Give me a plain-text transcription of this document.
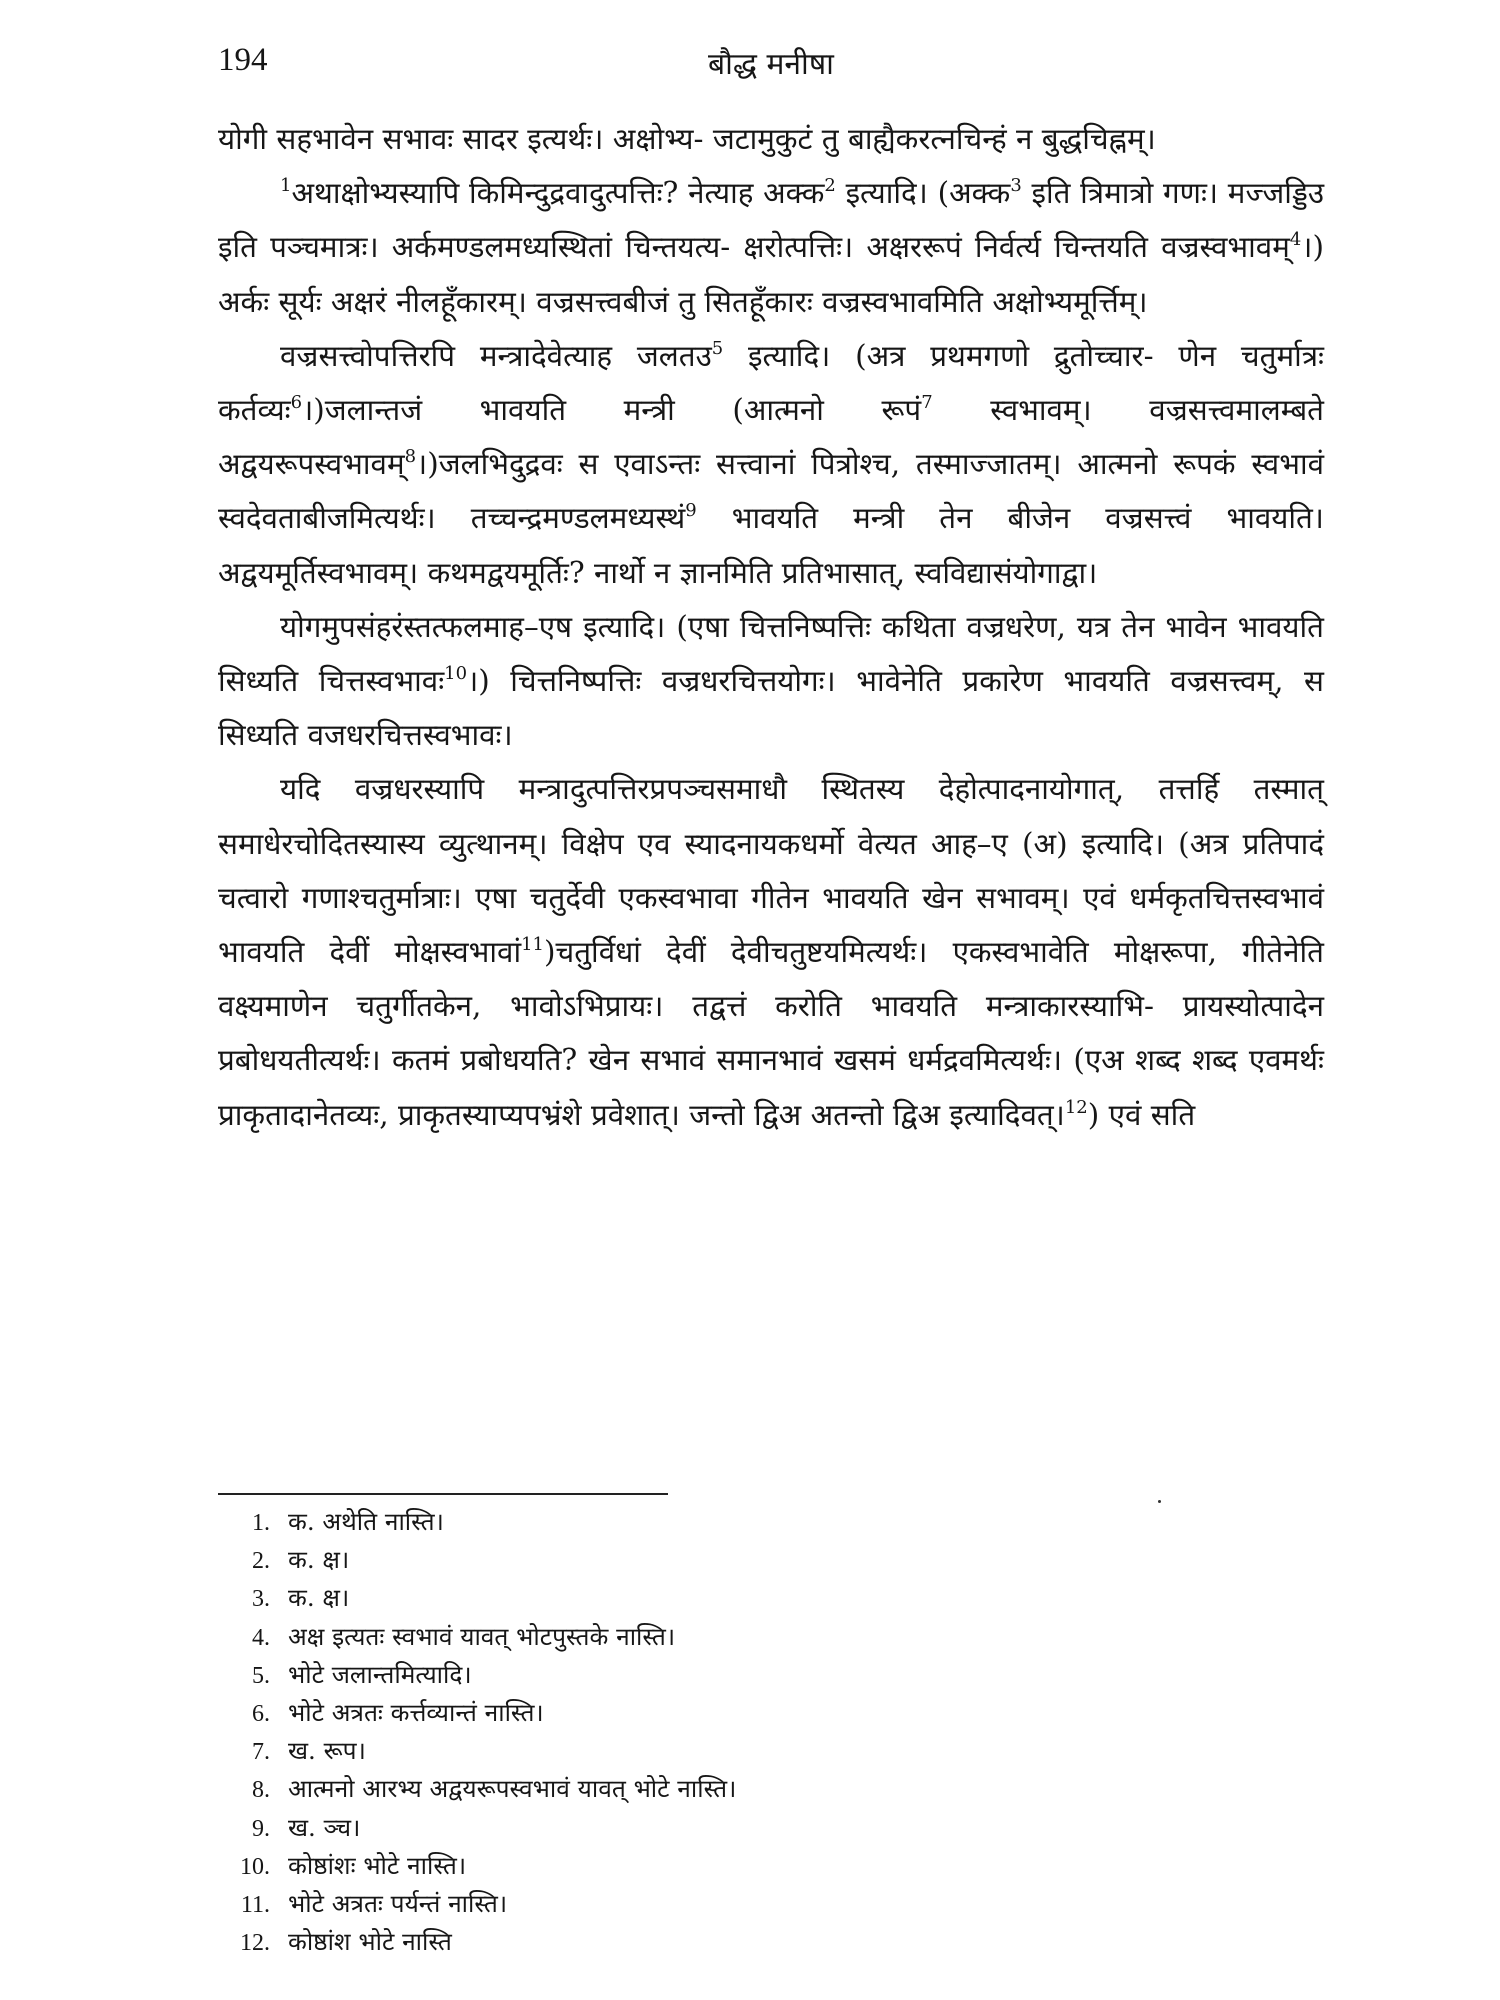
194	बौद्ध मनीषा

योगी सहभावेन सभावः सादर इत्यर्थः। अक्षोभ्य- जटामुकुटं तु बाह्यैकरत्नचिन्हं न बुद्धचिह्नम्।

$^1$अथाक्षोभ्यस्यापि किमिन्दुद्रवादुत्पत्तिः? नेत्याह अक्क$^2$ इत्यादि। (अक्क$^3$ इति त्रिमात्रो गणः। मज्जड्डिउ इति पञ्चमात्रः। अर्कमण्डलमध्यस्थितां चिन्तयत्य- क्षरोत्पत्तिः। अक्षररूपं निर्वर्त्य चिन्तयति वज्रस्वभावम्$^4$।) अर्कः सूर्यः अक्षरं नीलहूँकारम्। वज्रसत्त्वबीजं तु सितहूँकारः वज्रस्वभावमिति अक्षोभ्यमूर्त्तिम्।

वज्रसत्त्वोपत्तिरपि मन्त्रादेवेत्याह जलतउ$^5$ इत्यादि। (अत्र प्रथमगणो द्रुतोच्चार- णेन चतुर्मात्रः कर्तव्यः$^6$।)जलान्तजं भावयति मन्त्री (आत्मनो रूपं$^7$ स्वभावम्। वज्रसत्त्वमालम्बते अद्वयरूपस्वभावम्$^8$।)जलभिदुद्रवः स एवाऽन्तः सत्त्वानां पित्रोश्च, तस्माज्जातम्। आत्मनो रूपकं स्वभावं स्वदेवताबीजमित्यर्थः। तच्चन्द्रमण्डलमध्यस्थं$^9$ भावयति मन्त्री तेन बीजेन वज्रसत्त्वं भावयति। अद्वयमूर्तिस्वभावम्। कथमद्वयमूर्तिः? नार्थो न ज्ञानमिति प्रतिभासात्, स्वविद्यासंयोगाद्वा।

योगमुपसंहरंस्तत्फलमाह–एष इत्यादि। (एषा चित्तनिष्पत्तिः कथिता वज्रधरेण, यत्र तेन भावेन भावयति सिध्यति चित्तस्वभावः$^{10}$।) चित्तनिष्पत्तिः वज्रधरचित्तयोगः। भावेनेति प्रकारेण भावयति वज्रसत्त्वम्, स सिध्यति वजधरचित्तस्वभावः।

यदि वज्रधरस्यापि मन्त्रादुत्पत्तिरप्रपञ्चसमाधौ स्थितस्य देहोत्पादनायोगात्, तत्तर्हि तस्मात् समाधेरचोदितस्यास्य व्युत्थानम्। विक्षेप एव स्यादनायकधर्मो वेत्यत आह–ए (अ) इत्यादि। (अत्र प्रतिपादं चत्वारो गणाश्चतुर्मात्राः। एषा चतुर्देवी एकस्वभावा गीतेन भावयति खेन सभावम्। एवं धर्मकृतचित्तस्वभावं भावयति देवीं मोक्षस्वभावां$^{11}$)चतुर्विधां देवीं देवीचतुष्टयमित्यर्थः। एकस्वभावेति मोक्षरूपा, गीतेनेति वक्ष्यमाणेन चतुर्गीतकेन, भावोऽभिप्रायः। तद्वत्तं करोति भावयति मन्त्राकारस्याभि- प्रायस्योत्पादेन प्रबोधयतीत्यर्थः। कतमं प्रबोधयति? खेन सभावं समानभावं खसमं धर्मद्रवमित्यर्थः। (एअ शब्द शब्द एवमर्थः प्राकृतादानेतव्यः, प्राकृतस्याप्यपभ्रंशे प्रवेशात्। जन्तो द्विअ अतन्तो द्विअ इत्यादिवत्।$^{12}$) एवं सति

1. क. अथेति नास्ति।
2. क. क्ष।
3. क. क्ष।
4. अक्ष इत्यतः स्वभावं यावत् भोटपुस्तके नास्ति।
5. भोटे जलान्तमित्यादि।
6. भोटे अत्रतः कर्त्तव्यान्तं नास्ति।
7. ख. रूप।
8. आत्मनो आरभ्य अद्वयरूपस्वभावं यावत् भोटे नास्ति।
9. ख. ञ्च।
10. कोष्ठांशः भोटे नास्ति।
11. भोटे अत्रतः पर्यन्तं नास्ति।
12. कोष्ठांश भोटे नास्ति
